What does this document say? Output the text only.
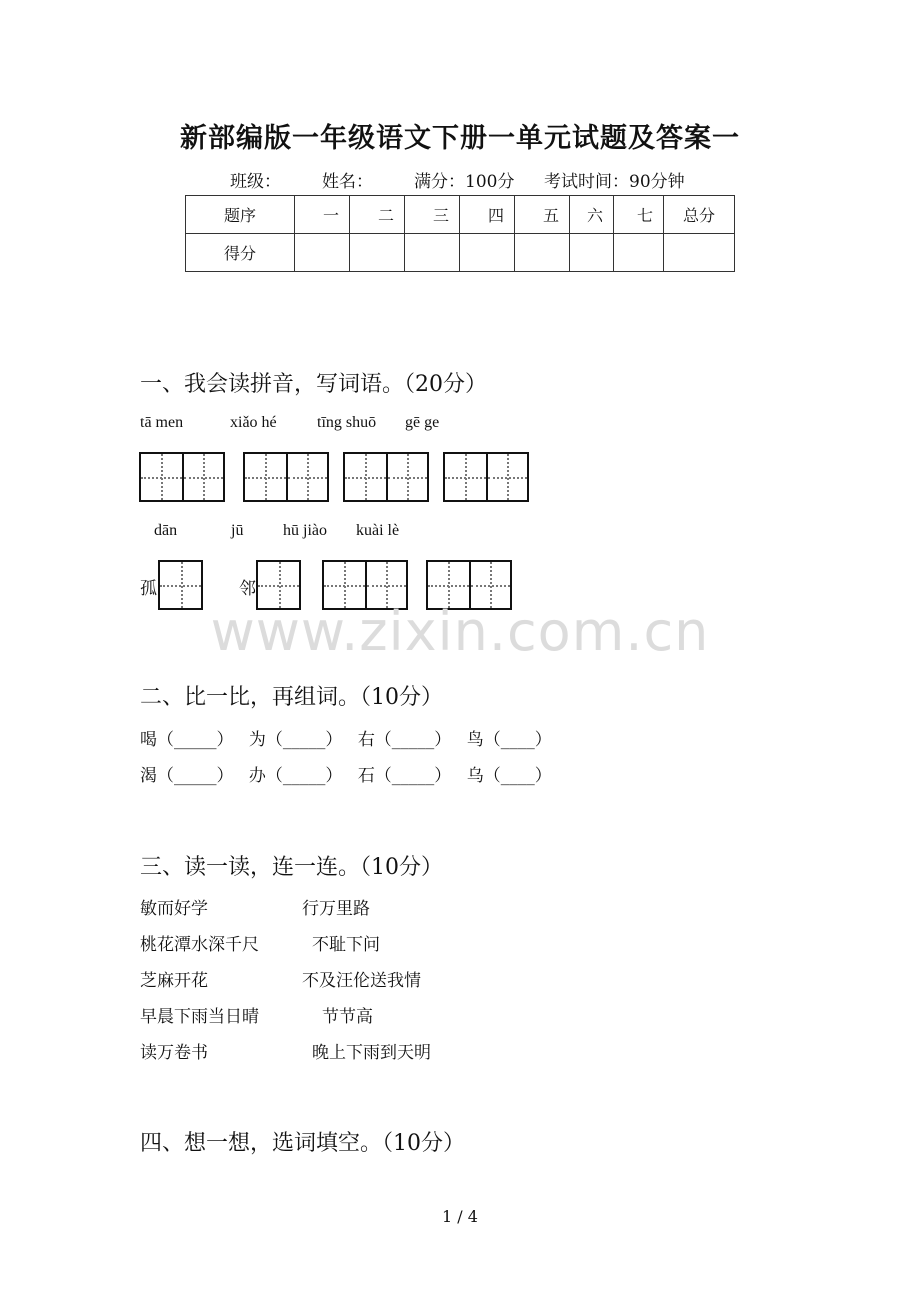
新部编版一年级语文下册一单元试题及答案一
班级： 姓名： 满分：100分 考试时间：90分钟
题序	一	二	三	四	五	六	七	总分
得分								
一、我会读拼音，写词语。（20分）
tā men	xiǎo hé	tīng shuō gē ge
dān	jū hū jiào kuài lè
孤	邻
www.zixin.com.cn
二、比一比，再组词。（10分）
喝（_____） 为（_____） 右（_____） 鸟（____）
渴（_____） 办（_____） 石（_____） 乌（____）
三、读一读，连一连。（10分）
敏而好学	行万里路
桃花潭水深千尺	不耻下问
芝麻开花	不及汪伦送我情
早晨下雨当日晴	节节高
读万卷书	晚上下雨到天明
四、想一想，选词填空。（10分）
1 / 4
